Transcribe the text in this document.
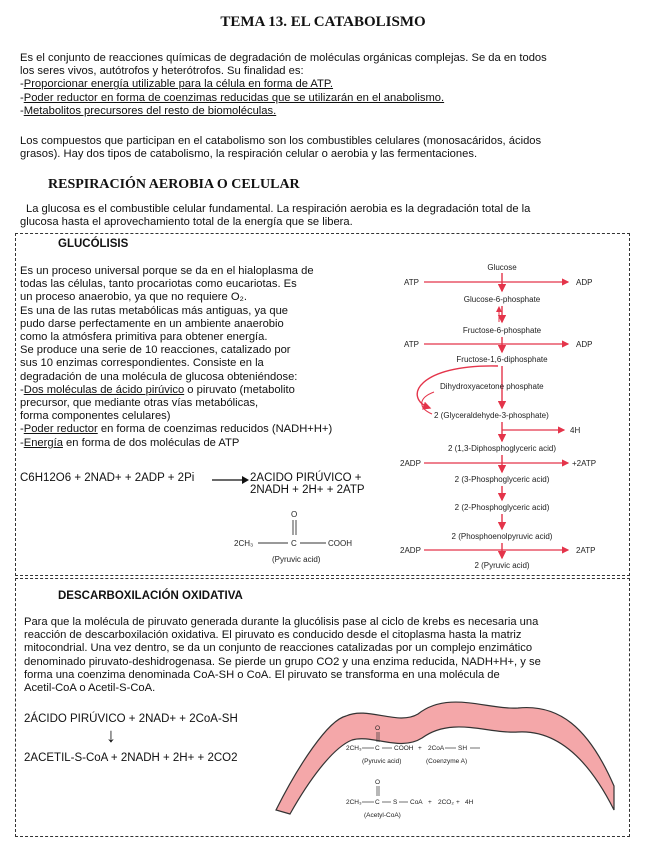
TEMA 13. EL CATABOLISMO
Es el conjunto de reacciones químicas de degradación de moléculas orgánicas complejas. Se da en todos
los seres vivos, autótrofos y heterótrofos. Su finalidad es:
-Proporcionar energía utilizable para la célula en forma de ATP.
-Poder reductor en forma de coenzimas reducidas que se utilizarán en el anabolismo.
-Metabolitos precursores del resto de biomoléculas.
Los compuestos que participan en el catabolismo son los combustibles celulares (monosacáridos, ácidos
grasos). Hay dos tipos de catabolismo, la respiración celular o aerobia y las fermentaciones.
RESPIRACIÓN AEROBIA O CELULAR
La glucosa es el combustible celular fundamental. La respiración aerobia es la degradación total de la
glucosa hasta el aprovechamiento total de la energía que se libera.
GLUCÓLISIS
Es un proceso universal porque se da en el hialoplasma de
todas las células, tanto procariotas como eucariotas. Es
un proceso anaerobio, ya que no requiere O₂.
Es una de las rutas metabólicas más antiguas, ya que
pudo darse perfectamente en un ambiente anaerobio
como la atmósfera primitiva para obtener energía.
Se produce una serie de 10 reacciones, catalizado por
sus 10 enzimas correspondientes. Consiste en la
degradación de una molécula de glucosa obteniéndose:
-Dos moléculas de ácido pirúvico o piruvato (metabolito
precursor, que mediante otras vías metabólicas,
forma componentes celulares)
-Poder reductor en forma de coenzimas reducidos (NADH+H+)
-Energía en forma de dos moléculas de ATP
C6H12O6 + 2NAD+ + 2ADP + 2Pi	2ACIDO PIRÚVICO +
2NADH + 2H+ + 2ATP
O
2CH₃	C	COOH
(Pyruvic acid)
Glucose
ATP	ADP
Glucose-6-phosphate
Fructose-6-phosphate
ATP	ADP
Fructose-1,6-diphosphate
Dihydroxyacetone phosphate
2 (Glyceraldehyde-3-phosphate)
4H
2 (1,3-Diphosphoglyceric acid)
2ADP	+2ATP
2 (3-Phosphoglyceric acid)
2 (2-Phosphoglyceric acid)
2 (Phosphoenolpyruvic acid)
2ADP	2ATP
2 (Pyruvic acid)
DESCARBOXILACIÓN OXIDATIVA
Para que la molécula de piruvato generada durante la glucólisis pase al ciclo de krebs es necesaria una
reacción de descarboxilación oxidativa. El piruvato es conducido desde el citoplasma hasta la matriz
mitocondrial. Una vez dentro, se da un conjunto de reacciones catalizadas por un complejo enzimático
denominado piruvato-deshidrogenasa. Se pierde un grupo CO2 y una enzima reducida, NADH+H+, y se
forma una coenzima denominada CoA-SH o CoA. El piruvato se transforma en una molécula de
Acetil-CoA o Acetil-S-CoA.
2ÁCIDO PIRÚVICO + 2NAD+ + 2CoA-SH
↓
2ACETIL-S-CoA + 2NADH + 2H+ + 2CO2
O
2CH₃ C COOH + 2CoA SH
(Pyruvic acid)	(Coenzyme A)
O
2CH₃ C S CoA + 2CO₂ + 4H
(Acetyl-CoA)
